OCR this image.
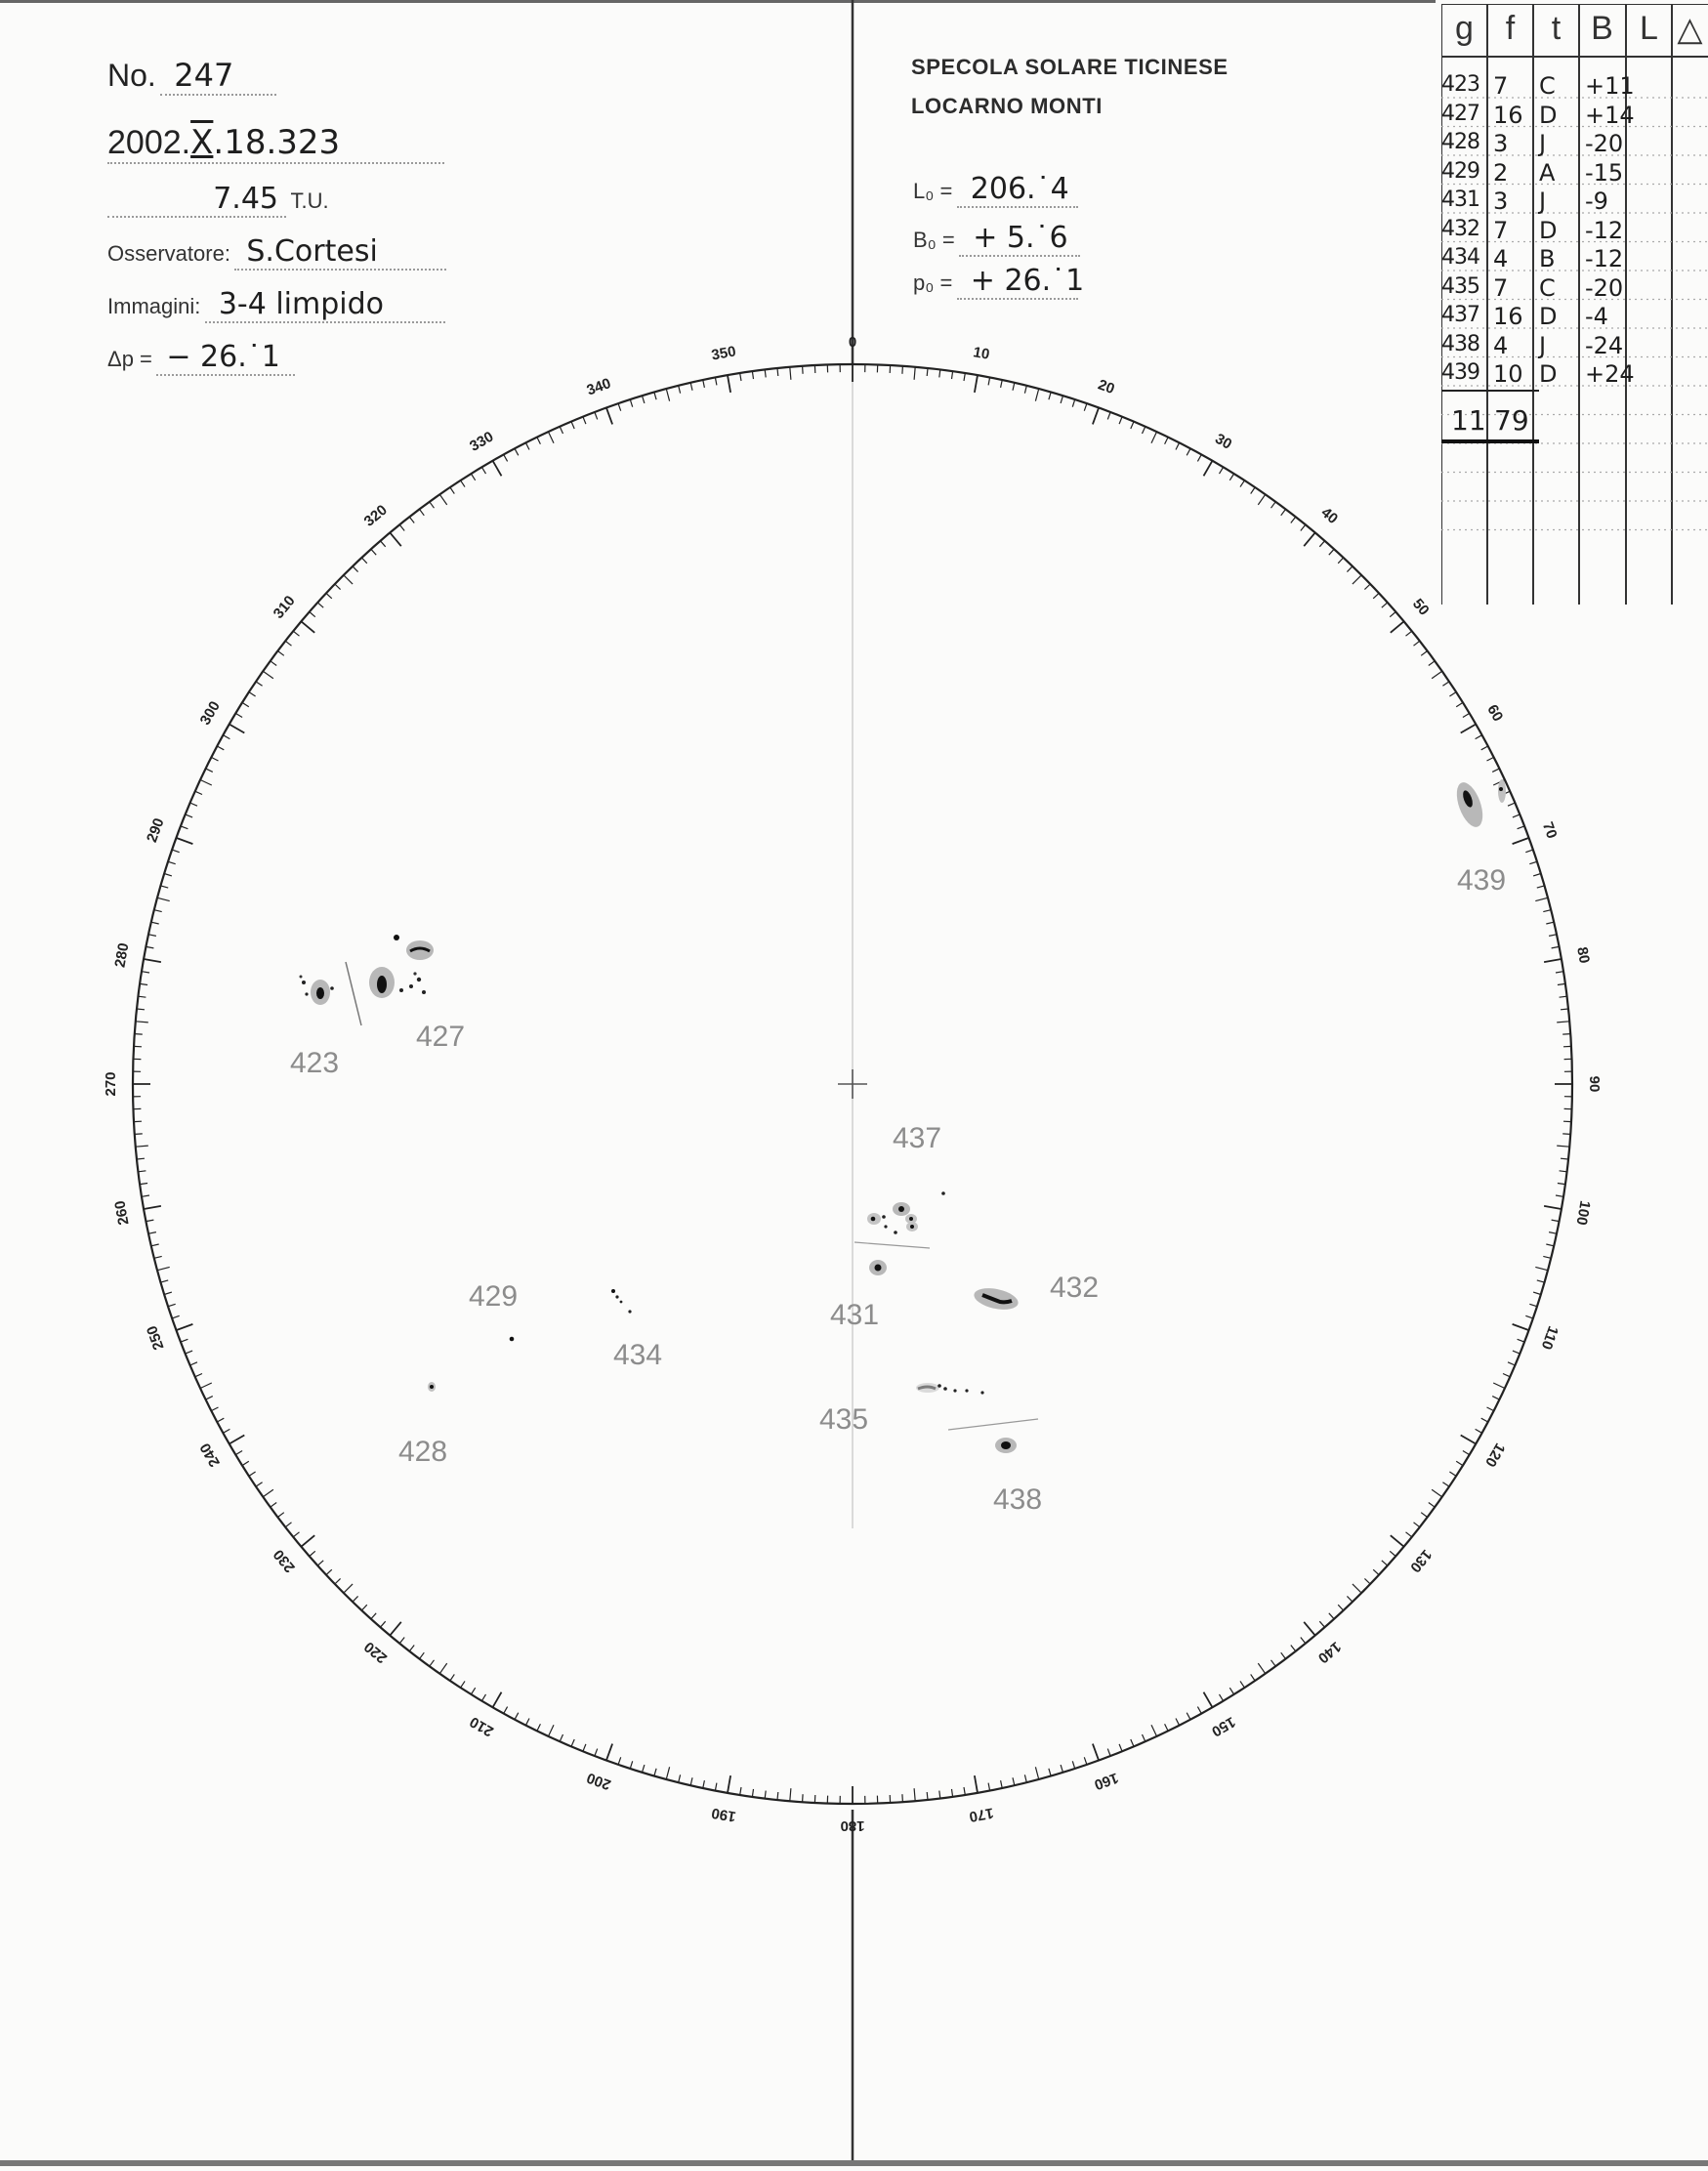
No. 247
2002.X.18.323
7.45 T.U.
Osservatore: S.Cortesi
Immagini: 3-4 limpido
Δp = − 26.˙1
SPECOLA SOLARE TICINESE
LOCARNO MONTI
L₀ = 206.˙4
B₀ = + 5.˙6
p₀ = + 26.˙1
0
10
20
30
40
50
60
70
80
90
100
110
120
130
140
150
160
170
180
190
200
210
220
230
240
250
260
270
280
290
300
310
320
330
340
350
423
427
428
429
431
432
434
435
437
438
439
g f	t B L △
423 7 C +11
427 16 D +14
428 3 J -20
429 2 A -15
431 3 J -9
432 7 D -12
434 4 B -12
435 7 C -20
437 16 D -4
438 4 J -24
439 10 D +24
11 79
